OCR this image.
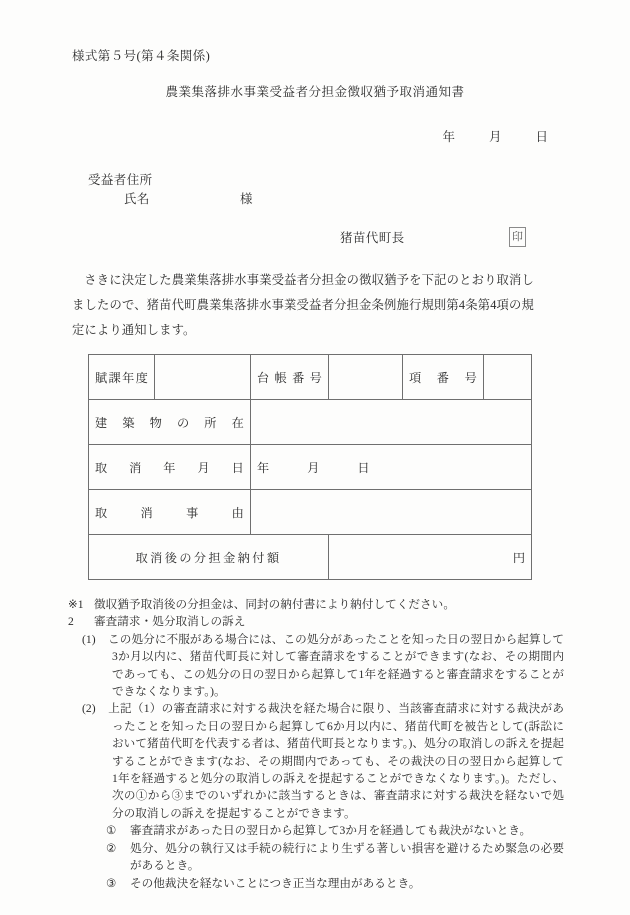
様式第５号(第４条関係)
農業集落排水事業受益者分担金徴収猶予取消通知書
年	月	日
受益者住所
氏名	様
猪苗代町長	印
さきに決定した農業集落排水事業受益者分担金の徴収猶予を下記のとおり取消しましたので、猪苗代町農業集落排水事業受益者分担金条例施行規則第4条第4項の規定により通知します。
賦課年度		台帳番号		項番号	
建築物の所在					
取消年月日		年 月 日			
取消事由					
取消後の分担金納付額			円		
※1 徴収猶予取消後の分担金は、同封の納付書により納付してください。
2 審査請求・処分取消しの訴え
(1) この処分に不服がある場合には、この処分があったことを知った日の翌日から起算して3か月以内に、猪苗代町長に対して審査請求をすることができます(なお、その期間内であっても、この処分の日の翌日から起算して1年を経過すると審査請求をすることができなくなります。)。
(2) 上記（1）の審査請求に対する裁決を経た場合に限り、当該審査請求に対する裁決があったことを知った日の翌日から起算して6か月以内に、猪苗代町を被告として(訴訟において猪苗代町を代表する者は、猪苗代町長となります。)、処分の取消しの訴えを提起することができます(なお、その期間内であっても、その裁決の日の翌日から起算して1年を経過すると処分の取消しの訴えを提起することができなくなります。)。ただし、次の①から③までのいずれかに該当するときは、審査請求に対する裁決を経ないで処分の取消しの訴えを提起することができます。
① 審査請求があった日の翌日から起算して3か月を経過しても裁決がないとき。
② 処分、処分の執行又は手続の続行により生ずる著しい損害を避けるため緊急の必要があるとき。
③ その他裁決を経ないことにつき正当な理由があるとき。
